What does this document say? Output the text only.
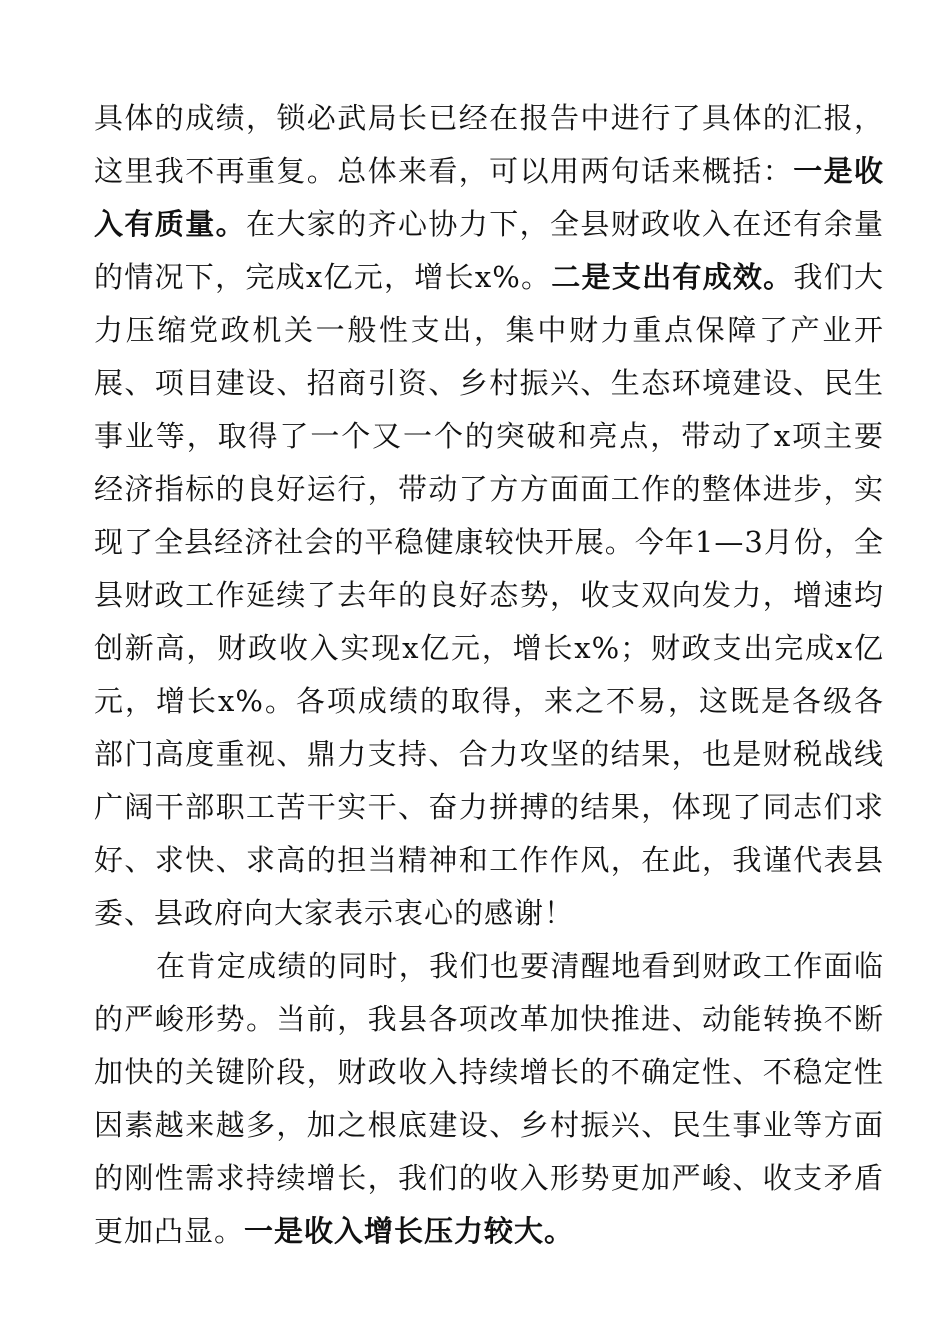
具体的成绩，锁必武局长已经在报告中进行了具体的汇报，这里我不再重复。总体来看，可以用两句话来概括：一是收入有质量。在大家的齐心协力下，全县财政收入在还有余量的情况下，完成x亿元，增长x%。二是支出有成效。我们大力压缩党政机关一般性支出，集中财力重点保障了产业开展、项目建设、招商引资、乡村振兴、生态环境建设、民生事业等，取得了一个又一个的突破和亮点，带动了x项主要经济指标的良好运行，带动了方方面面工作的整体进步，实现了全县经济社会的平稳健康较快开展。今年1—3月份，全县财政工作延续了去年的良好态势，收支双向发力，增速均创新高，财政收入实现x亿元，增长x%；财政支出完成x亿元，增长x%。各项成绩的取得，来之不易，这既是各级各部门高度重视、鼎力支持、合力攻坚的结果，也是财税战线广阔干部职工苦干实干、奋力拼搏的结果，体现了同志们求好、求快、求高的担当精神和工作作风，在此，我谨代表县委、县政府向大家表示衷心的感谢！

在肯定成绩的同时，我们也要清醒地看到财政工作面临的严峻形势。当前，我县各项改革加快推进、动能转换不断加快的关键阶段，财政收入持续增长的不确定性、不稳定性因素越来越多，加之根底建设、乡村振兴、民生事业等方面的刚性需求持续增长，我们的收入形势更加严峻、收支矛盾更加凸显。一是收入增长压力较大。
